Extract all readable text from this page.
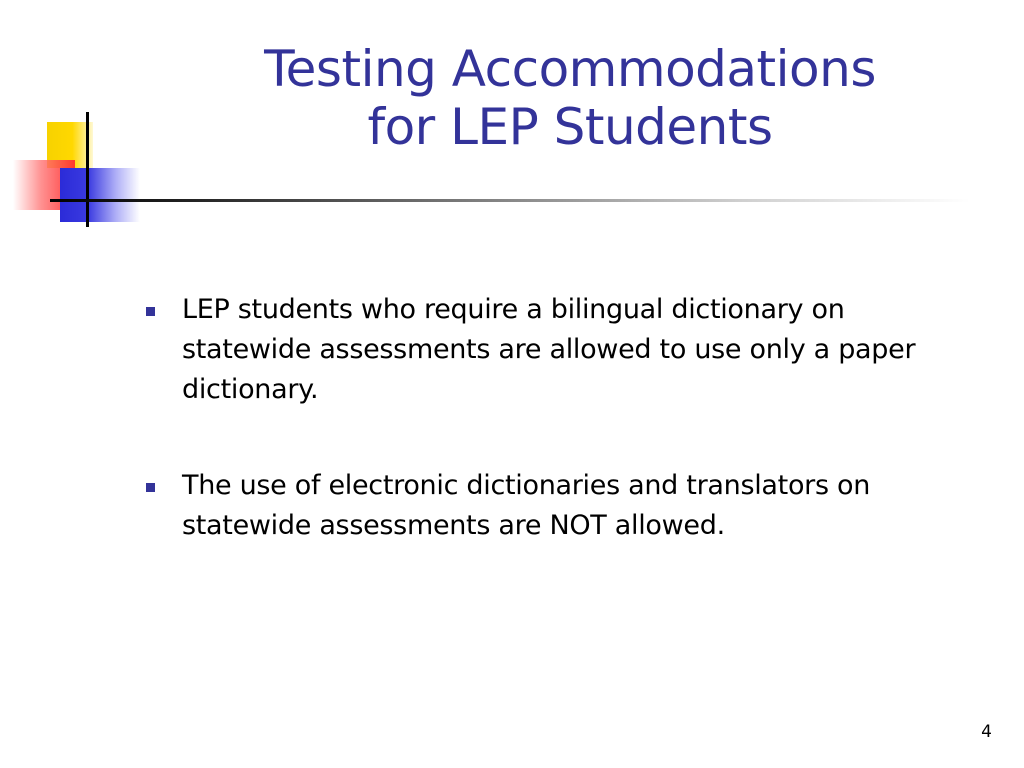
Testing Accommodations
for LEP Students
LEP students who require a bilingual dictionary on statewide assessments are allowed to use only a paper dictionary.
The use of electronic dictionaries and translators on statewide assessments are NOT allowed.
4
